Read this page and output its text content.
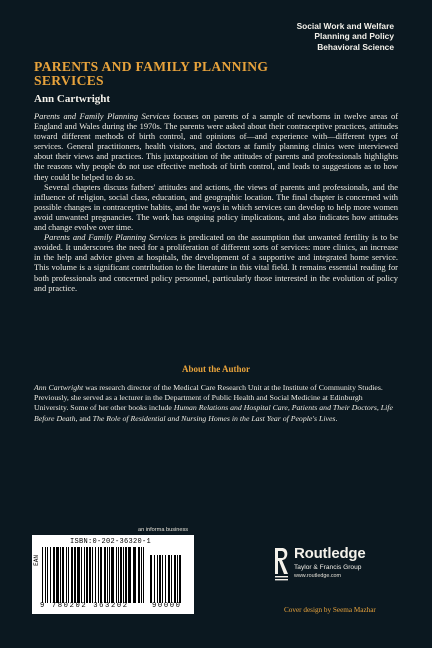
Social Work and Welfare
Planning and Policy
Behavioral Science
PARENTS AND FAMILY PLANNING
SERVICES
Ann Cartwright

Parents and Family Planning Services focuses on parents of a sample of newborns in twelve areas of England and Wales during the 1970s. The parents were asked about their contraceptive practices, attitudes toward different methods of birth control, and opinions of—and experience with—different types of services. General practitioners, health visitors, and doctors at family planning clinics were interviewed about their views and practices. This juxtaposition of the attitudes of parents and professionals highlights the reasons why people do not use effective methods of birth control, and leads to suggestions as to how they could be helped to do so.

Several chapters discuss fathers' attitudes and actions, the views of parents and professionals, and the influence of religion, social class, education, and geographic location. The final chapter is concerned with possible changes in contraceptive habits, and the ways in which services can develop to help more women avoid unwanted pregnancies. The work has ongoing policy implications, and also indicates how attitudes and change evolve over time.

Parents and Family Planning Services is predicated on the assumption that unwanted fertility is to be avoided. It underscores the need for a proliferation of different sorts of services: more clinics, an increase in the help and advice given at hospitals, the development of a supportive and integrated home service. This volume is a significant contribution to the literature in this vital field. It remains essential reading for both professionals and concerned policy personnel, particularly those interested in the evolution of policy and practice.

About the Author
Ann Cartwright was research director of the Medical Care Research Unit at the Institute of Community Studies. Previously, she served as a lecturer in the Department of Public Health and Social Medicine at Edinburgh University. Some of her other books include Human Relations and Hospital Care, Patients and Their Doctors, Life Before Death, and The Role of Residential and Nursing Homes in the Last Year of People's Lives.
an informa business
ISBN:0-202-36320-1
EAN
9 780202 363202	90000
Routledge
Taylor & Francis Group
www.routledge.com
Cover design by Seema Mazhar
